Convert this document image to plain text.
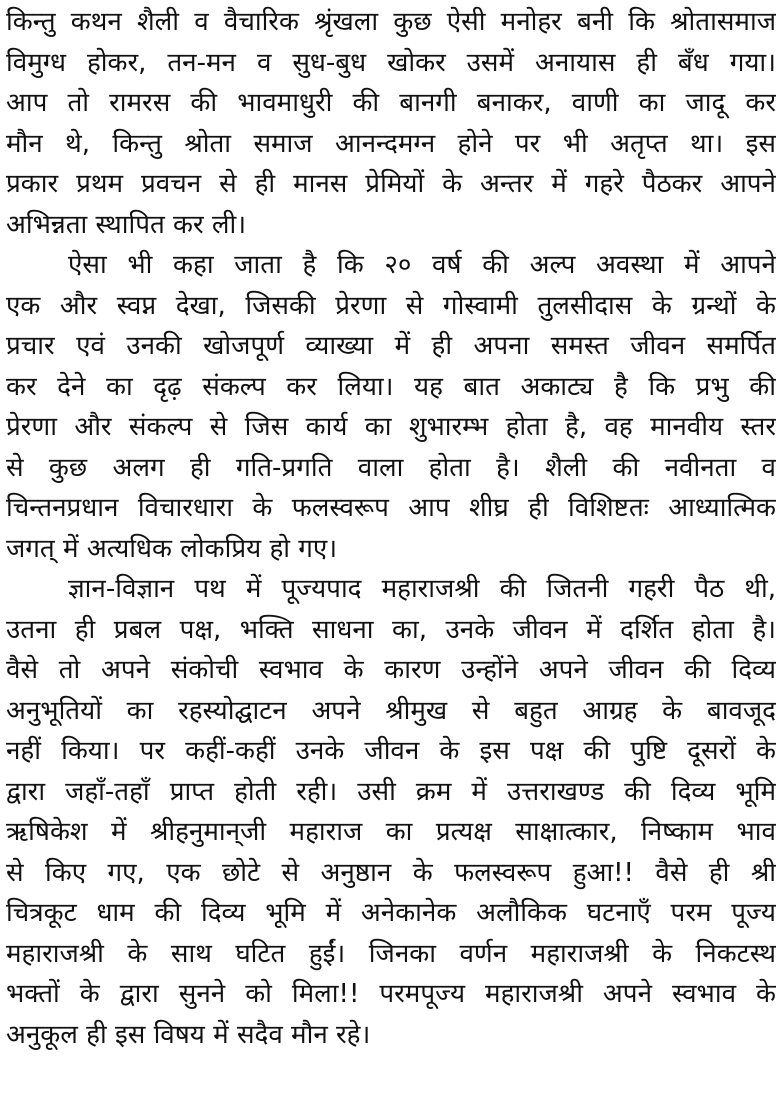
किन्तु कथन शैली व वैचारिक श्रृंखला कुछ ऐसी मनोहर बनी कि श्रोतासमाज
विमुग्ध होकर, तन-मन व सुध-बुध खोकर उसमें अनायास ही बँध गया।
आप तो रामरस की भावमाधुरी की बानगी बनाकर, वाणी का जादू कर
मौन थे, किन्तु श्रोता समाज आनन्दमग्न होने पर भी अतृप्त था। इस
प्रकार प्रथम प्रवचन से ही मानस प्रेमियों के अन्तर में गहरे पैठकर आपने
अभिन्नता स्थापित कर ली।

ऐसा भी कहा जाता है कि २० वर्ष की अल्प अवस्था में आपने
एक और स्वप्न देखा, जिसकी प्रेरणा से गोस्वामी तुलसीदास के ग्रन्थों के
प्रचार एवं उनकी खोजपूर्ण व्याख्या में ही अपना समस्त जीवन समर्पित
कर देने का दृढ़ संकल्प कर लिया। यह बात अकाट्य है कि प्रभु की
प्रेरणा और संकल्प से जिस कार्य का शुभारम्भ होता है, वह मानवीय स्तर
से कुछ अलग ही गति-प्रगति वाला होता है। शैली की नवीनता व
चिन्तनप्रधान विचारधारा के फलस्वरूप आप शीघ्र ही विशिष्टतः आध्यात्मिक
जगत् में अत्यधिक लोकप्रिय हो गए।

ज्ञान-विज्ञान पथ में पूज्यपाद महाराजश्री की जितनी गहरी पैठ थी,
उतना ही प्रबल पक्ष, भक्ति साधना का, उनके जीवन में दर्शित होता है।
वैसे तो अपने संकोची स्वभाव के कारण उन्होंने अपने जीवन की दिव्य
अनुभूतियों का रहस्योद्घाटन अपने श्रीमुख से बहुत आग्रह के बावजूद
नहीं किया। पर कहीं-कहीं उनके जीवन के इस पक्ष की पुष्टि दूसरों के
द्वारा जहाँ-तहाँ प्राप्त होती रही। उसी क्रम में उत्तराखण्ड की दिव्य भूमि
ऋषिकेश में श्रीहनुमान्‌जी महाराज का प्रत्यक्ष साक्षात्कार, निष्काम भाव
से किए गए, एक छोटे से अनुष्ठान के फलस्वरूप हुआ!! वैसे ही श्री
चित्रकूट धाम की दिव्य भूमि में अनेकानेक अलौकिक घटनाएँ परम पूज्य
महाराजश्री के साथ घटित हुईं। जिनका वर्णन महाराजश्री के निकटस्थ
भक्तों के द्वारा सुनने को मिला!! परमपूज्य महाराजश्री अपने स्वभाव के
अनुकूल ही इस विषय में सदैव मौन रहे।
